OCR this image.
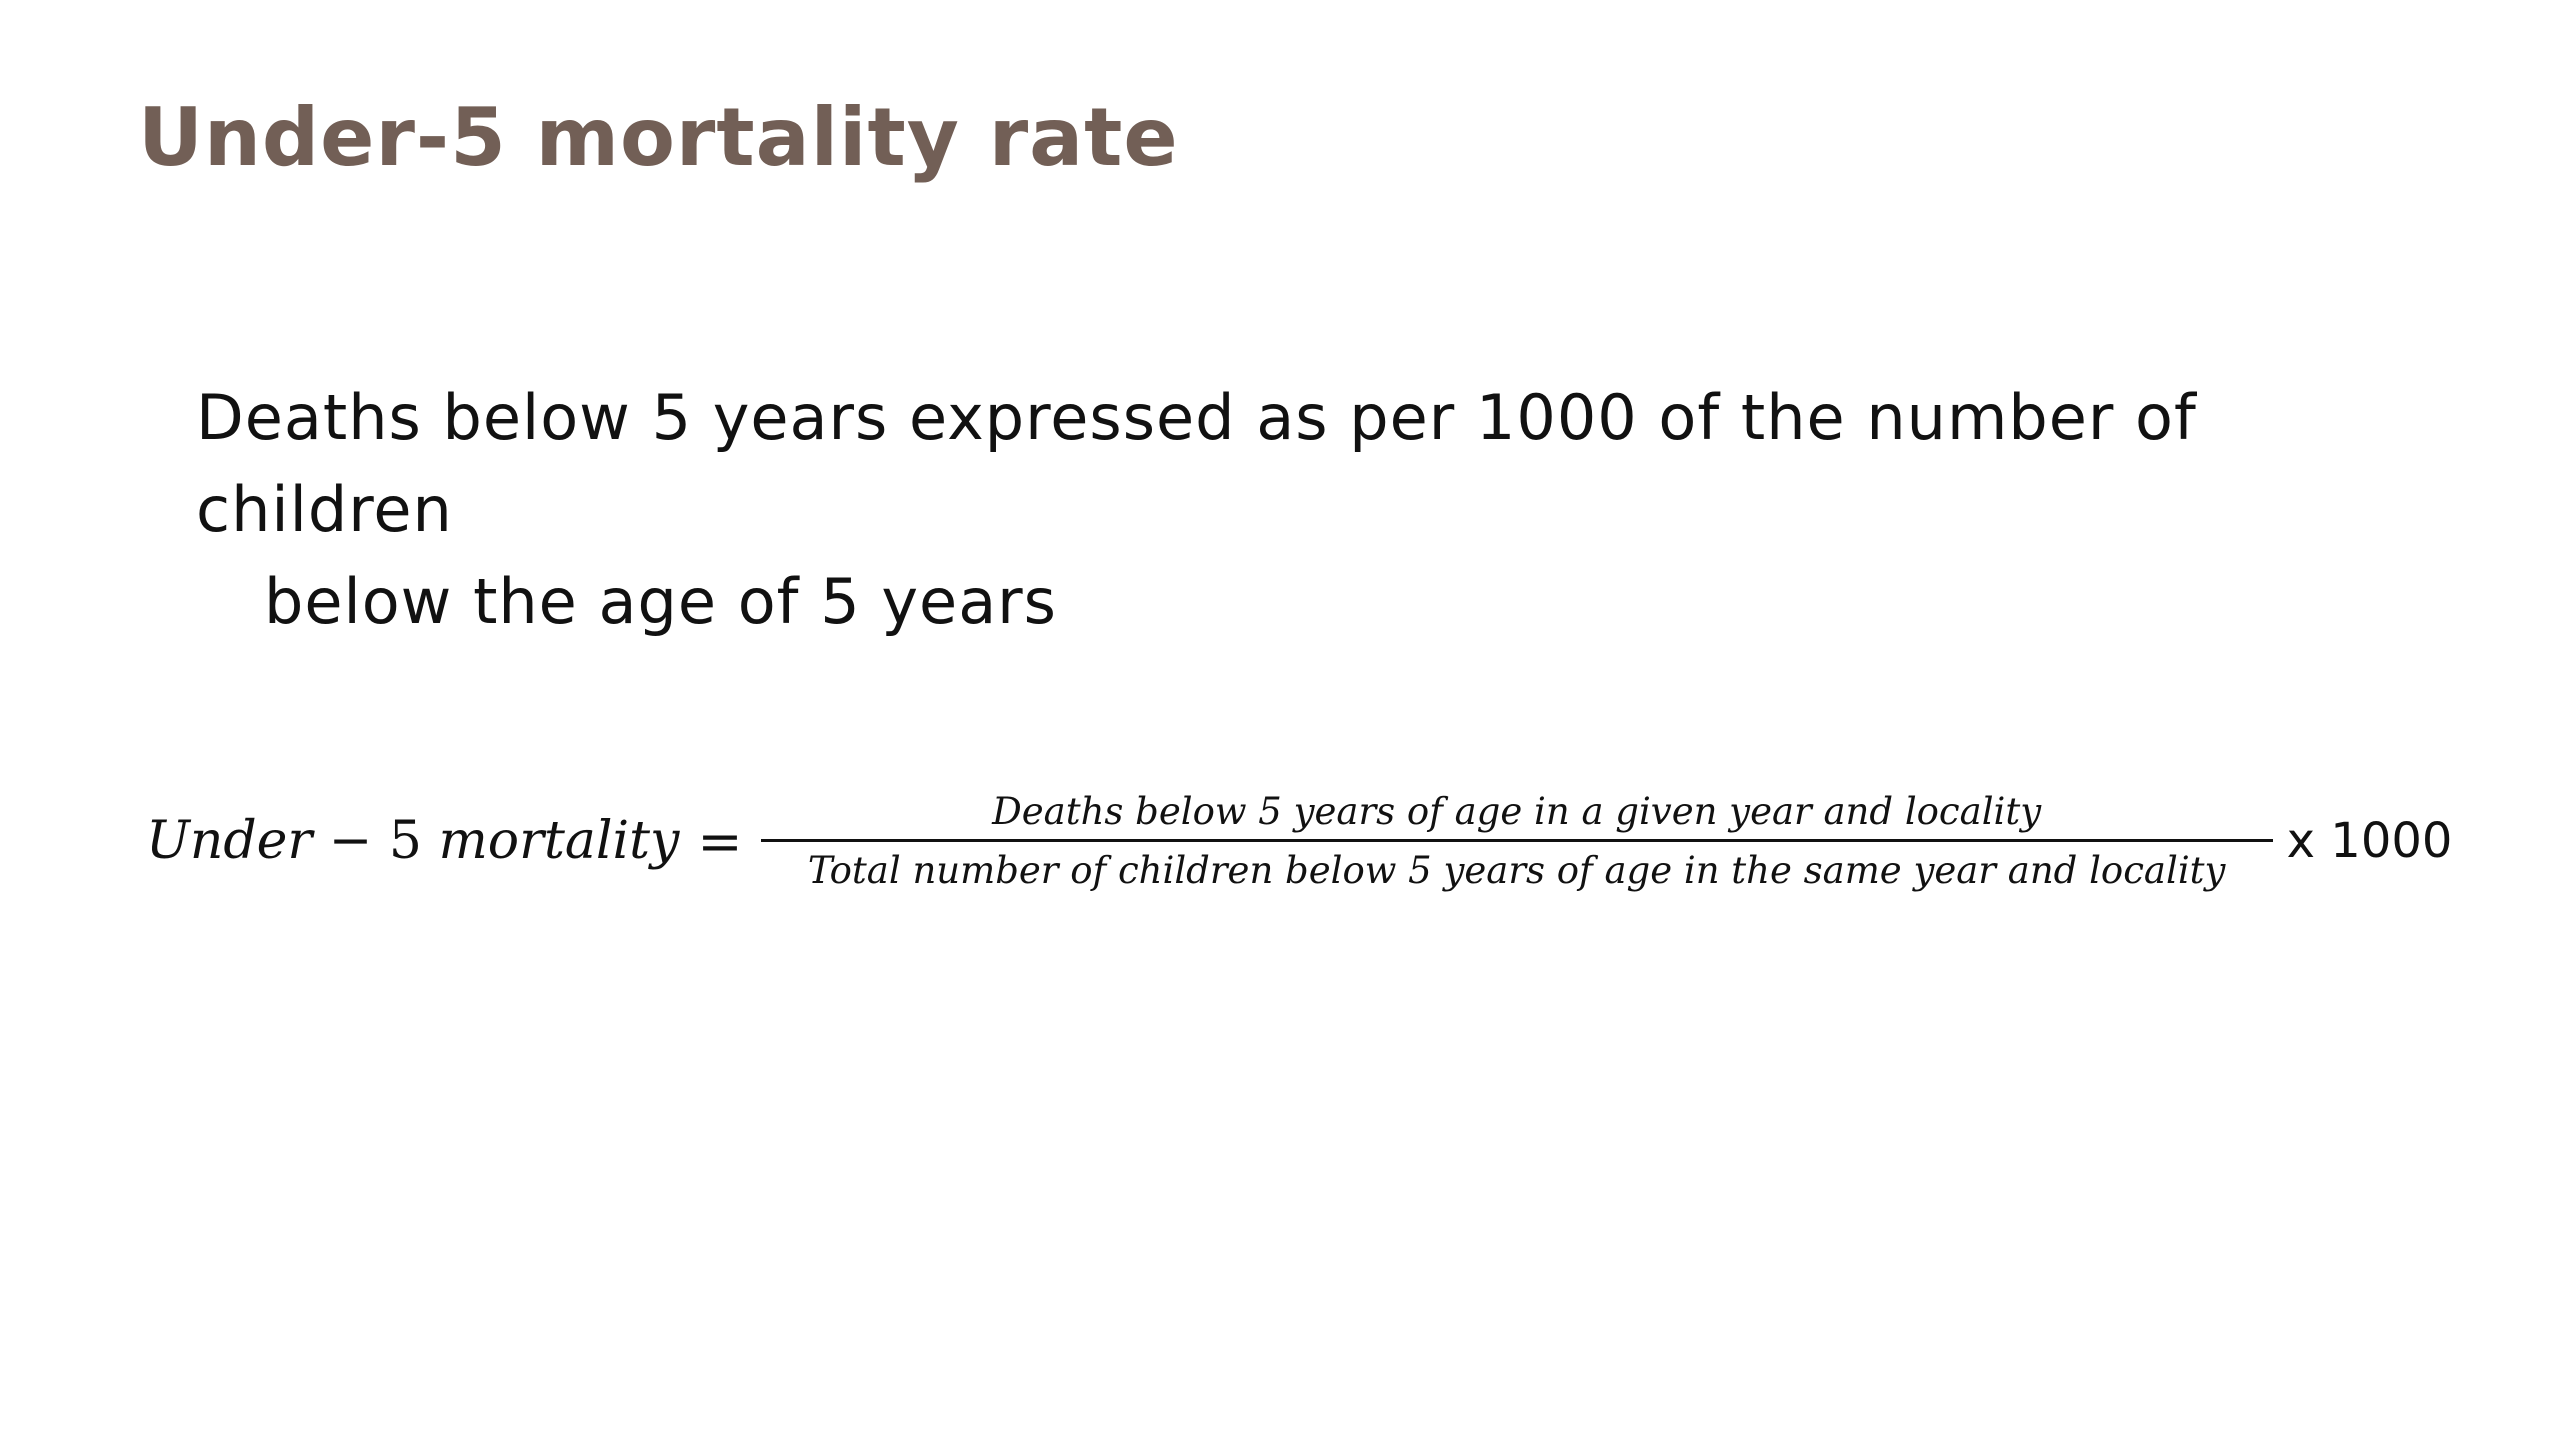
Under-5 mortality rate

Deaths below 5 years expressed as per 1000 of the number of children
below the age of 5 years

Under − 5 mortality =	Deaths below 5 years of age in a given year and locality
Total number of children below 5 years of age in the same year and locality
x 1000
